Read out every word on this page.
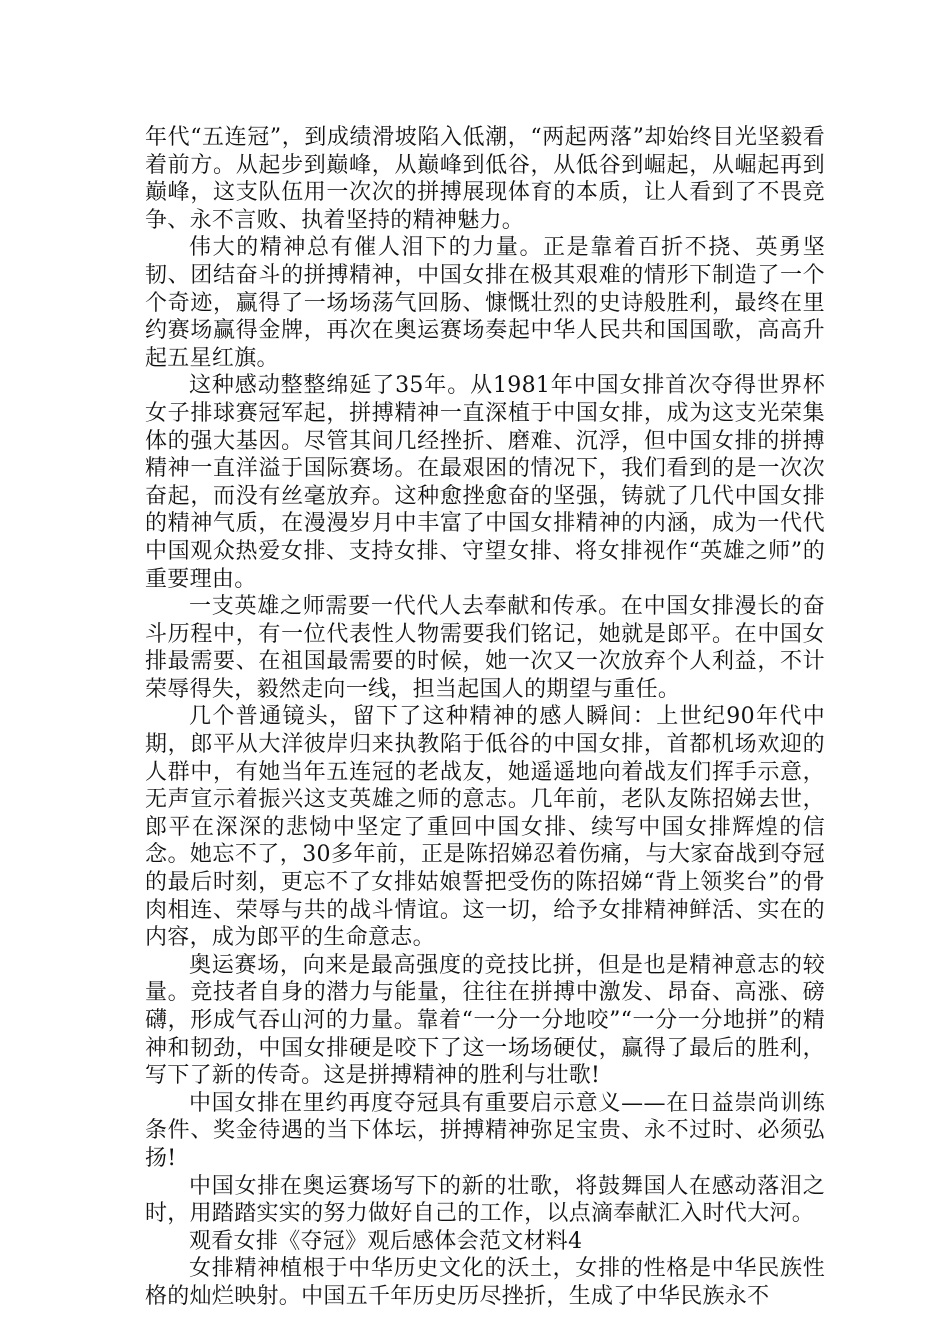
年代“五连冠”，到成绩滑坡陷入低潮，“两起两落”却始终目光坚毅看着前方。从起步到巅峰，从巅峰到低谷，从低谷到崛起，从崛起再到巅峰，这支队伍用一次次的拼搏展现体育的本质，让人看到了不畏竞争、永不言败、执着坚持的精神魅力。

伟大的精神总有催人泪下的力量。正是靠着百折不挠、英勇坚韧、团结奋斗的拼搏精神，中国女排在极其艰难的情形下制造了一个个奇迹，赢得了一场场荡气回肠、慷慨壮烈的史诗般胜利，最终在里约赛场赢得金牌，再次在奥运赛场奏起中华人民共和国国歌，高高升起五星红旗。

这种感动整整绵延了35年。从1981年中国女排首次夺得世界杯女子排球赛冠军起，拼搏精神一直深植于中国女排，成为这支光荣集体的强大基因。尽管其间几经挫折、磨难、沉浮，但中国女排的拼搏精神一直洋溢于国际赛场。在最艰困的情况下，我们看到的是一次次奋起，而没有丝毫放弃。这种愈挫愈奋的坚强，铸就了几代中国女排的精神气质，在漫漫岁月中丰富了中国女排精神的内涵，成为一代代中国观众热爱女排、支持女排、守望女排、将女排视作“英雄之师”的重要理由。

一支英雄之师需要一代代人去奉献和传承。在中国女排漫长的奋斗历程中，有一位代表性人物需要我们铭记，她就是郎平。在中国女排最需要、在祖国最需要的时候，她一次又一次放弃个人利益，不计荣辱得失，毅然走向一线，担当起国人的期望与重任。

几个普通镜头，留下了这种精神的感人瞬间：上世纪90年代中期，郎平从大洋彼岸归来执教陷于低谷的中国女排，首都机场欢迎的人群中，有她当年五连冠的老战友，她遥遥地向着战友们挥手示意，无声宣示着振兴这支英雄之师的意志。几年前，老队友陈招娣去世，郎平在深深的悲恸中坚定了重回中国女排、续写中国女排辉煌的信念。她忘不了，30多年前，正是陈招娣忍着伤痛，与大家奋战到夺冠的最后时刻，更忘不了女排姑娘誓把受伤的陈招娣“背上领奖台”的骨肉相连、荣辱与共的战斗情谊。这一切，给予女排精神鲜活、实在的内容，成为郎平的生命意志。

奥运赛场，向来是最高强度的竞技比拼，但是也是精神意志的较量。竞技者自身的潜力与能量，往往在拼搏中激发、昂奋、高涨、磅礴，形成气吞山河的力量。靠着“一分一分地咬”“一分一分地拼”的精神和韧劲，中国女排硬是咬下了这一场场硬仗，赢得了最后的胜利，写下了新的传奇。这是拼搏精神的胜利与壮歌!

中国女排在里约再度夺冠具有重要启示意义——在日益崇尚训练条件、奖金待遇的当下体坛，拼搏精神弥足宝贵、永不过时、必须弘扬!

中国女排在奥运赛场写下的新的壮歌，将鼓舞国人在感动落泪之时，用踏踏实实的努力做好自己的工作，以点滴奉献汇入时代大河。

观看女排《夺冠》观后感体会范文材料4

女排精神植根于中华历史文化的沃土，女排的性格是中华民族性格的灿烂映射。中国五千年历史历尽挫折，生成了中华民族永不
